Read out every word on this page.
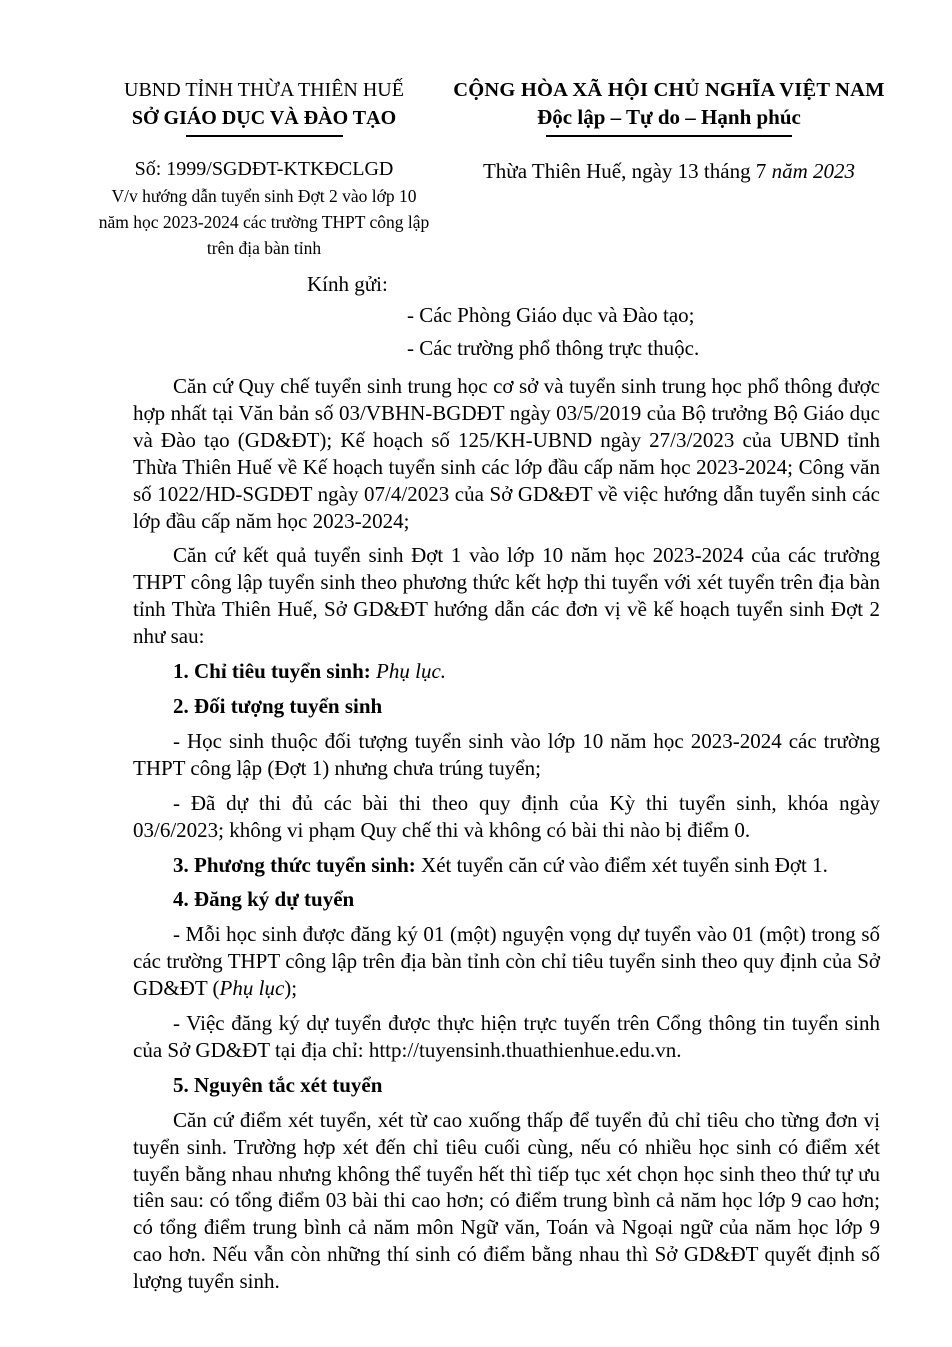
UBND TỈNH THỪA THIÊN HUẾ
SỞ GIÁO DỤC VÀ ĐÀO TẠO
Số: 1999/SGDĐT-KTKĐCLGD
V/v hướng dẫn tuyển sinh Đợt 2 vào lớp 10 năm học 2023-2024 các trường THPT công lập trên địa bàn tỉnh
CỘNG HÒA XÃ HỘI CHỦ NGHĨA VIỆT NAM
Độc lập – Tự do – Hạnh phúc
Thừa Thiên Huế, ngày 13 tháng 7 năm 2023
Kính gửi:
- Các Phòng Giáo dục và Đào tạo;
- Các trường phổ thông trực thuộc.

Căn cứ Quy chế tuyển sinh trung học cơ sở và tuyển sinh trung học phổ thông được hợp nhất tại Văn bản số 03/VBHN-BGDĐT ngày 03/5/2019 của Bộ trưởng Bộ Giáo dục và Đào tạo (GD&ĐT); Kế hoạch số 125/KH-UBND ngày 27/3/2023 của UBND tỉnh Thừa Thiên Huế về Kế hoạch tuyển sinh các lớp đầu cấp năm học 2023-2024; Công văn số 1022/HD-SGDĐT ngày 07/4/2023 của Sở GD&ĐT về việc hướng dẫn tuyển sinh các lớp đầu cấp năm học 2023-2024;

Căn cứ kết quả tuyển sinh Đợt 1 vào lớp 10 năm học 2023-2024 của các trường THPT công lập tuyển sinh theo phương thức kết hợp thi tuyển với xét tuyển trên địa bàn tỉnh Thừa Thiên Huế, Sở GD&ĐT hướng dẫn các đơn vị về kế hoạch tuyển sinh Đợt 2 như sau:

1. Chỉ tiêu tuyển sinh: Phụ lục.

2. Đối tượng tuyển sinh

- Học sinh thuộc đối tượng tuyển sinh vào lớp 10 năm học 2023-2024 các trường THPT công lập (Đợt 1) nhưng chưa trúng tuyển;

- Đã dự thi đủ các bài thi theo quy định của Kỳ thi tuyển sinh, khóa ngày 03/6/2023; không vi phạm Quy chế thi và không có bài thi nào bị điểm 0.

3. Phương thức tuyển sinh: Xét tuyển căn cứ vào điểm xét tuyển sinh Đợt 1.

4. Đăng ký dự tuyển

- Mỗi học sinh được đăng ký 01 (một) nguyện vọng dự tuyển vào 01 (một) trong số các trường THPT công lập trên địa bàn tỉnh còn chỉ tiêu tuyển sinh theo quy định của Sở GD&ĐT (Phụ lục);

- Việc đăng ký dự tuyển được thực hiện trực tuyến trên Cổng thông tin tuyển sinh của Sở GD&ĐT tại địa chỉ: http://tuyensinh.thuathienhue.edu.vn.

5. Nguyên tắc xét tuyển

Căn cứ điểm xét tuyển, xét từ cao xuống thấp để tuyển đủ chỉ tiêu cho từng đơn vị tuyển sinh. Trường hợp xét đến chỉ tiêu cuối cùng, nếu có nhiều học sinh có điểm xét tuyển bằng nhau nhưng không thể tuyển hết thì tiếp tục xét chọn học sinh theo thứ tự ưu tiên sau: có tổng điểm 03 bài thi cao hơn; có điểm trung bình cả năm học lớp 9 cao hơn; có tổng điểm trung bình cả năm môn Ngữ văn, Toán và Ngoại ngữ của năm học lớp 9 cao hơn. Nếu vẫn còn những thí sinh có điểm bằng nhau thì Sở GD&ĐT quyết định số lượng tuyển sinh.
